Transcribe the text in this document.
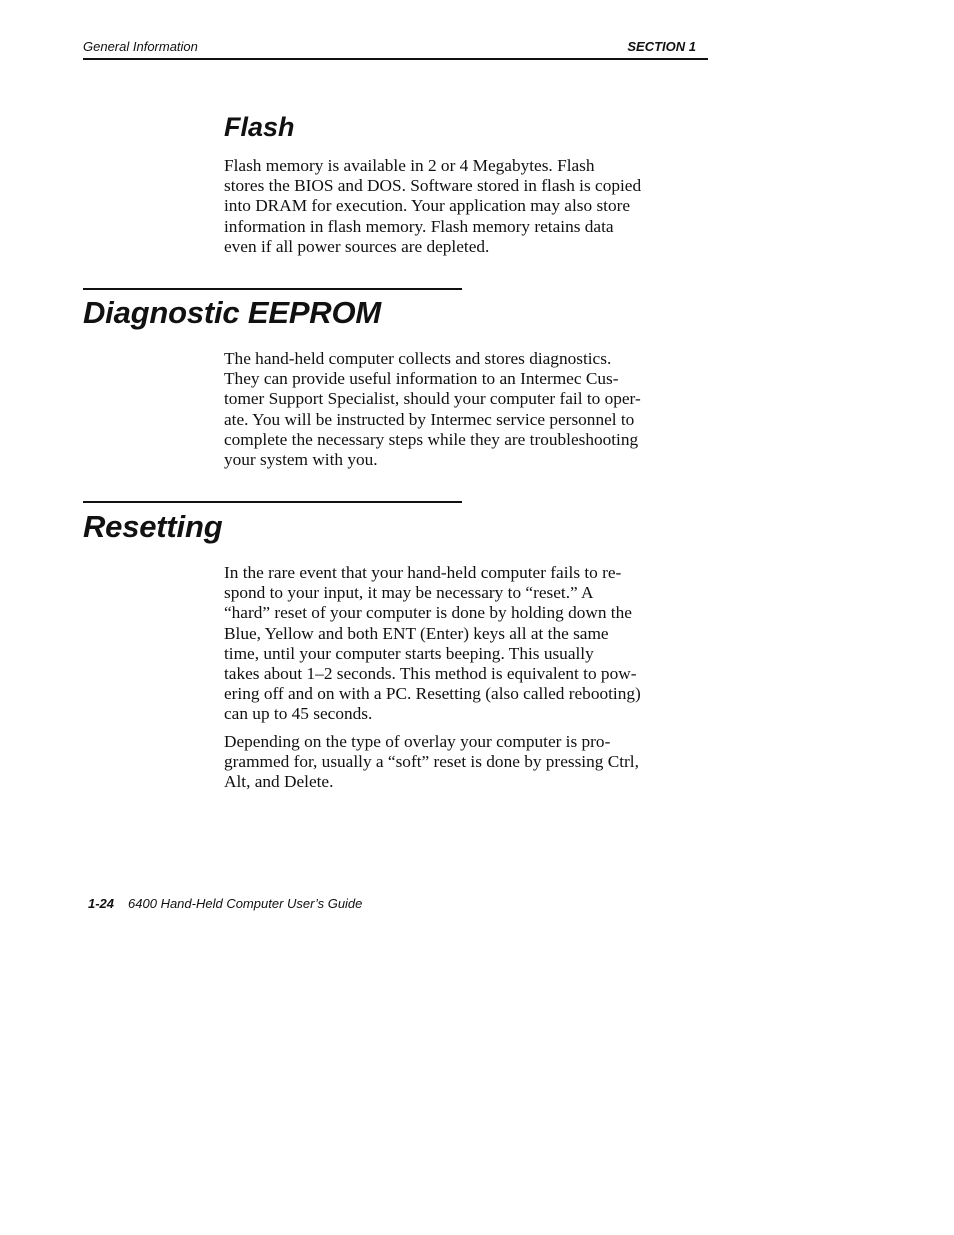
General Information	SECTION 1
Flash

Flash memory is available in 2 or 4 Megabytes. Flash
stores the BIOS and DOS. Software stored in flash is copied
into DRAM for execution. Your application may also store
information in flash memory. Flash memory retains data
even if all power sources are depleted.

Diagnostic EEPROM

The hand-held computer collects and stores diagnostics.
They can provide useful information to an Intermec Cus-
tomer Support Specialist, should your computer fail to oper-
ate. You will be instructed by Intermec service personnel to
complete the necessary steps while they are troubleshooting
your system with you.

Resetting

In the rare event that your hand-held computer fails to re-
spond to your input, it may be necessary to “reset.” A
“hard” reset of your computer is done by holding down the
Blue, Yellow and both ENT (Enter) keys all at the same
time, until your computer starts beeping. This usually
takes about 1–2 seconds. This method is equivalent to pow-
ering off and on with a PC. Resetting (also called rebooting)
can up to 45 seconds.

Depending on the type of overlay your computer is pro-
grammed for, usually a “soft” reset is done by pressing Ctrl,
Alt, and Delete.

1-24 6400 Hand-Held Computer User’s Guide
